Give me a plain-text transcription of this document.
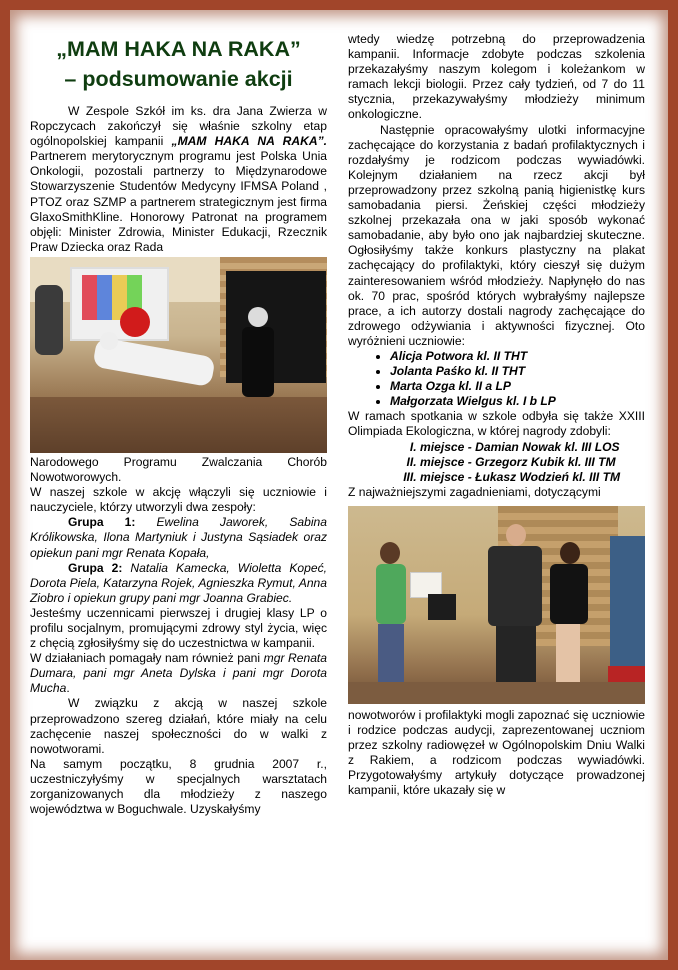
„MAM HAKA NA RAKA”
– podsumowanie akcji

W Zespole Szkół im ks. dra Jana Zwierza w Ropczycach zakończył się właśnie szkolny etap ogólnopolskiej kampanii „MAM HAKA NA RAKA”. Partnerem merytorycznym programu jest Polska Unia Onkologii, pozostali partnerzy to Międzynarodowe Stowarzyszenie Studentów Medycyny IFMSA Poland , PTOZ oraz SZMP a partnerem strategicznym jest firma GlaxoSmithKline. Honorowy Patronat na programem objęli: Minister Zdrowia, Minister Edukacji, Rzecznik Praw Dziecka oraz Rada

Narodowego Programu Zwalczania Chorób Nowotworowych.

W naszej szkole w akcję włączyli się uczniowie i nauczyciele, którzy utworzyli dwa zespoły:

Grupa 1: Ewelina Jaworek, Sabina Królikowska, Ilona Martyniuk i Justyna Sąsiadek oraz opiekun pani mgr Renata Kopała,

Grupa 2: Natalia Kamecka, Wioletta Kopeć, Dorota Piela, Katarzyna Rojek, Agnieszka Rymut, Anna Ziobro i opiekun grupy pani mgr Joanna Grabiec.

Jesteśmy uczennicami pierwszej i drugiej klasy LP o profilu socjalnym, promującymi zdrowy styl życia, więc z chęcią zgłosiłyśmy się do uczestnictwa w kampanii.

W działaniach pomagały nam również pani mgr Renata Dumara, pani mgr Aneta Dylska i pani mgr Dorota Mucha.

W związku z akcją w naszej szkole przeprowadzono szereg działań, które miały na celu zachęcenie naszej społeczności do w walki z nowotworami.

Na samym początku, 8 grudnia 2007 r., uczestniczyłyśmy w specjalnych warsztatach zorganizowanych dla młodzieży z naszego województwa w Boguchwale. Uzyskałyśmy

wtedy wiedzę potrzebną do przeprowadzenia kampanii. Informacje zdobyte podczas szkolenia przekazałyśmy naszym kolegom i koleżankom w ramach lekcji biologii. Przez cały tydzień, od 7 do 11 stycznia, przekazywałyśmy młodzieży minimum onkologiczne.

Następnie opracowałyśmy ulotki informacyjne zachęcające do korzystania z badań profilaktycznych i rozdałyśmy je rodzicom podczas wywiadówki. Kolejnym działaniem na rzecz akcji był przeprowadzony przez szkolną panią higienistkę kurs samobadania piersi. Żeńskiej części młodzieży szkolnej przekazała ona w jaki sposób wykonać samobadanie, aby było ono jak najbardziej skuteczne. Ogłosiłyśmy także konkurs plastyczny na plakat zachęcający do profilaktyki, który cieszył się dużym zainteresowaniem wśród młodzieży. Napłynęło do nas ok. 70 prac, spośród których wybrałyśmy najlepsze prace, a ich autorzy dostali nagrody zachęcające do zdrowego odżywiania i aktywności fizycznej. Oto wyróżnieni uczniowie:

• Alicja Potwora kl. II THT
• Jolanta Paśko kl. II THT
• Marta Ozga kl. II a LP
• Małgorzata Wielgus kl. I b LP

W ramach spotkania w szkole odbyła się także XXIII Olimpiada Ekologiczna, w której nagrody zdobyli:

I. miejsce - Damian Nowak kl. III LOS
II. miejsce - Grzegorz Kubik kl. III TM
III. miejsce - Łukasz Wodzień kl. III TM

Z najważniejszymi zagadnieniami, dotyczącymi

nowotworów i profilaktyki mogli zapoznać się uczniowie i rodzice podczas audycji, zaprezentowanej uczniom przez szkolny radiowęzeł w Ogólnopolskim Dniu Walki z Rakiem, a rodzicom podczas wywiadówki. Przygotowałyśmy artykuły dotyczące prowadzonej kampanii, które ukazały się w
